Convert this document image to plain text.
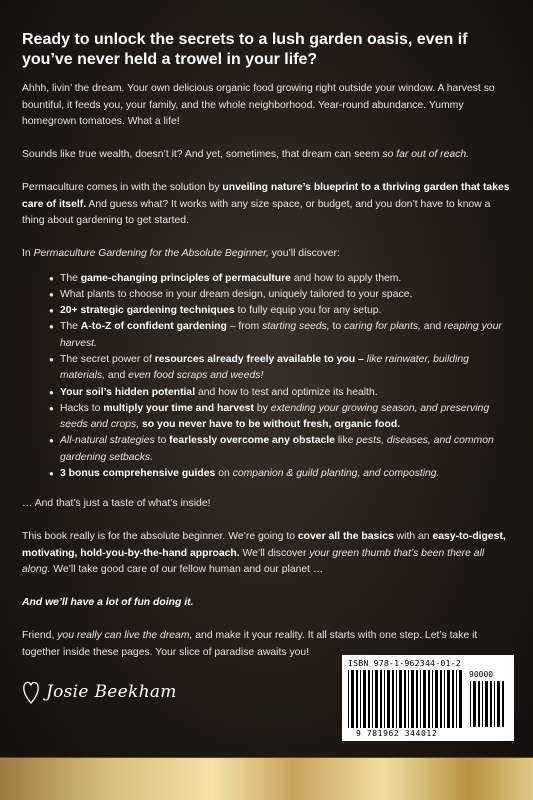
Ready to unlock the secrets to a lush garden oasis, even if you’ve never held a trowel in your life?

Ahhh, livin’ the dream. Your own delicious organic food growing right outside your window. A harvest so bountiful, it feeds you, your family, and the whole neighborhood. Year-round abundance. Yummy homegrown tomatoes. What a life!

Sounds like true wealth, doesn’t it? And yet, sometimes, that dream can seem so far out of reach.

Permaculture comes in with the solution by unveiling nature’s blueprint to a thriving garden that takes care of itself. And guess what? It works with any size space, or budget, and you don’t have to know a thing about gardening to get started.

In Permaculture Gardening for the Absolute Beginner, you’ll discover:

● The game-changing principles of permaculture and how to apply them.
● What plants to choose in your dream design, uniquely tailored to your space.
● 20+ strategic gardening techniques to fully equip you for any setup.
● The A-to-Z of confident gardening – from starting seeds, to caring for plants, and reaping your harvest.
● The secret power of resources already freely available to you – like rainwater, building materials, and even food scraps and weeds!
● Your soil’s hidden potential and how to test and optimize its health.
● Hacks to multiply your time and harvest by extending your growing season, and preserving seeds and crops, so you never have to be without fresh, organic food.
● All-natural strategies to fearlessly overcome any obstacle like pests, diseases, and common gardening setbacks.
● 3 bonus comprehensive guides on companion & guild planting, and composting.

… And that’s just a taste of what’s inside!

This book really is for the absolute beginner. We’re going to cover all the basics with an easy-to-digest, motivating, hold-you-by-the-hand approach. We’ll discover your green thumb that’s been there all along. We’ll take good care of our fellow human and our planet …

And we’ll have a lot of fun doing it.

Friend, you really can live the dream, and make it your reality. It all starts with one step. Let’s take it together inside these pages. Your slice of paradise awaits you!

Josie Beekham
ISBN 978-1-962344-01-2
90000
9 781962 344012
